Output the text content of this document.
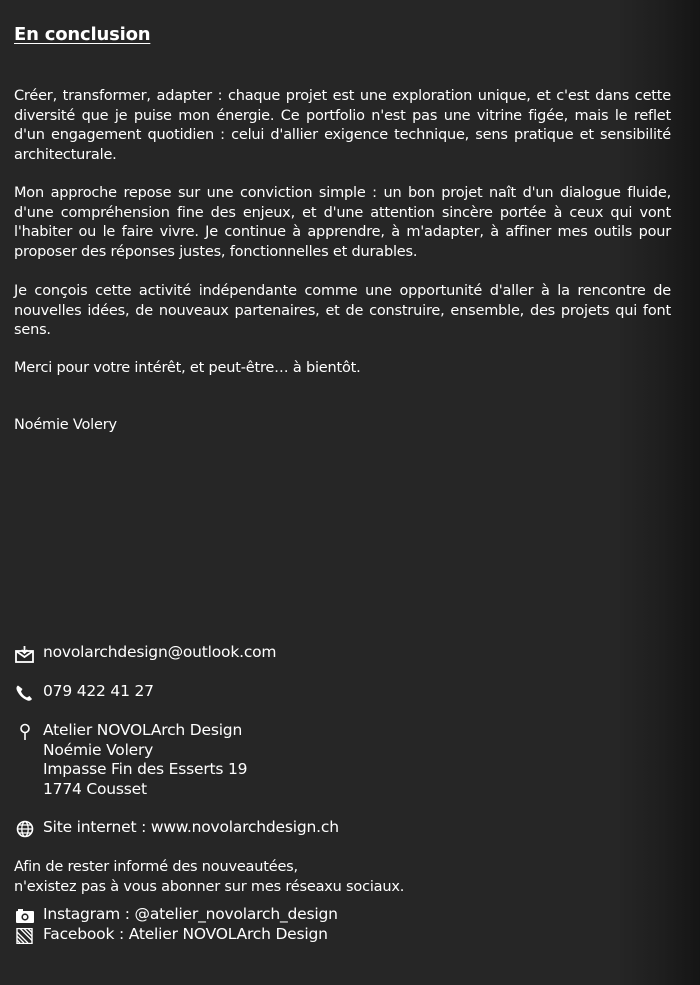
En conclusion

Créer, transformer, adapter : chaque projet est une exploration unique, et c'est dans cette diversité que je puise mon énergie. Ce portfolio n'est pas une vitrine figée, mais le reflet d'un engagement quotidien : celui d'allier exigence technique, sens pratique et sensibilité architecturale.

Mon approche repose sur une conviction simple : un bon projet naît d'un dialogue fluide, d'une compréhension fine des enjeux, et d'une attention sincère portée à ceux qui vont l'habiter ou le faire vivre. Je continue à apprendre, à m'adapter, à affiner mes outils pour proposer des réponses justes, fonctionnelles et durables.

Je conçois cette activité indépendante comme une opportunité d'aller à la rencontre de nouvelles idées, de nouveaux partenaires, et de construire, ensemble, des projets qui font sens.

Merci pour votre intérêt, et peut-être… à bientôt.

Noémie Volery
novolarchdesign@outlook.com
079 422 41 27
Atelier NOVOLArch Design
Noémie Volery
Impasse Fin des Esserts 19
1774 Cousset
Site internet : www.novolarchdesign.ch
Afin de rester informé des nouveautées,
n'existez pas à vous abonner sur mes réseaxu sociaux.
Instagram : @atelier_novolarch_design
Facebook : Atelier NOVOLArch Design
